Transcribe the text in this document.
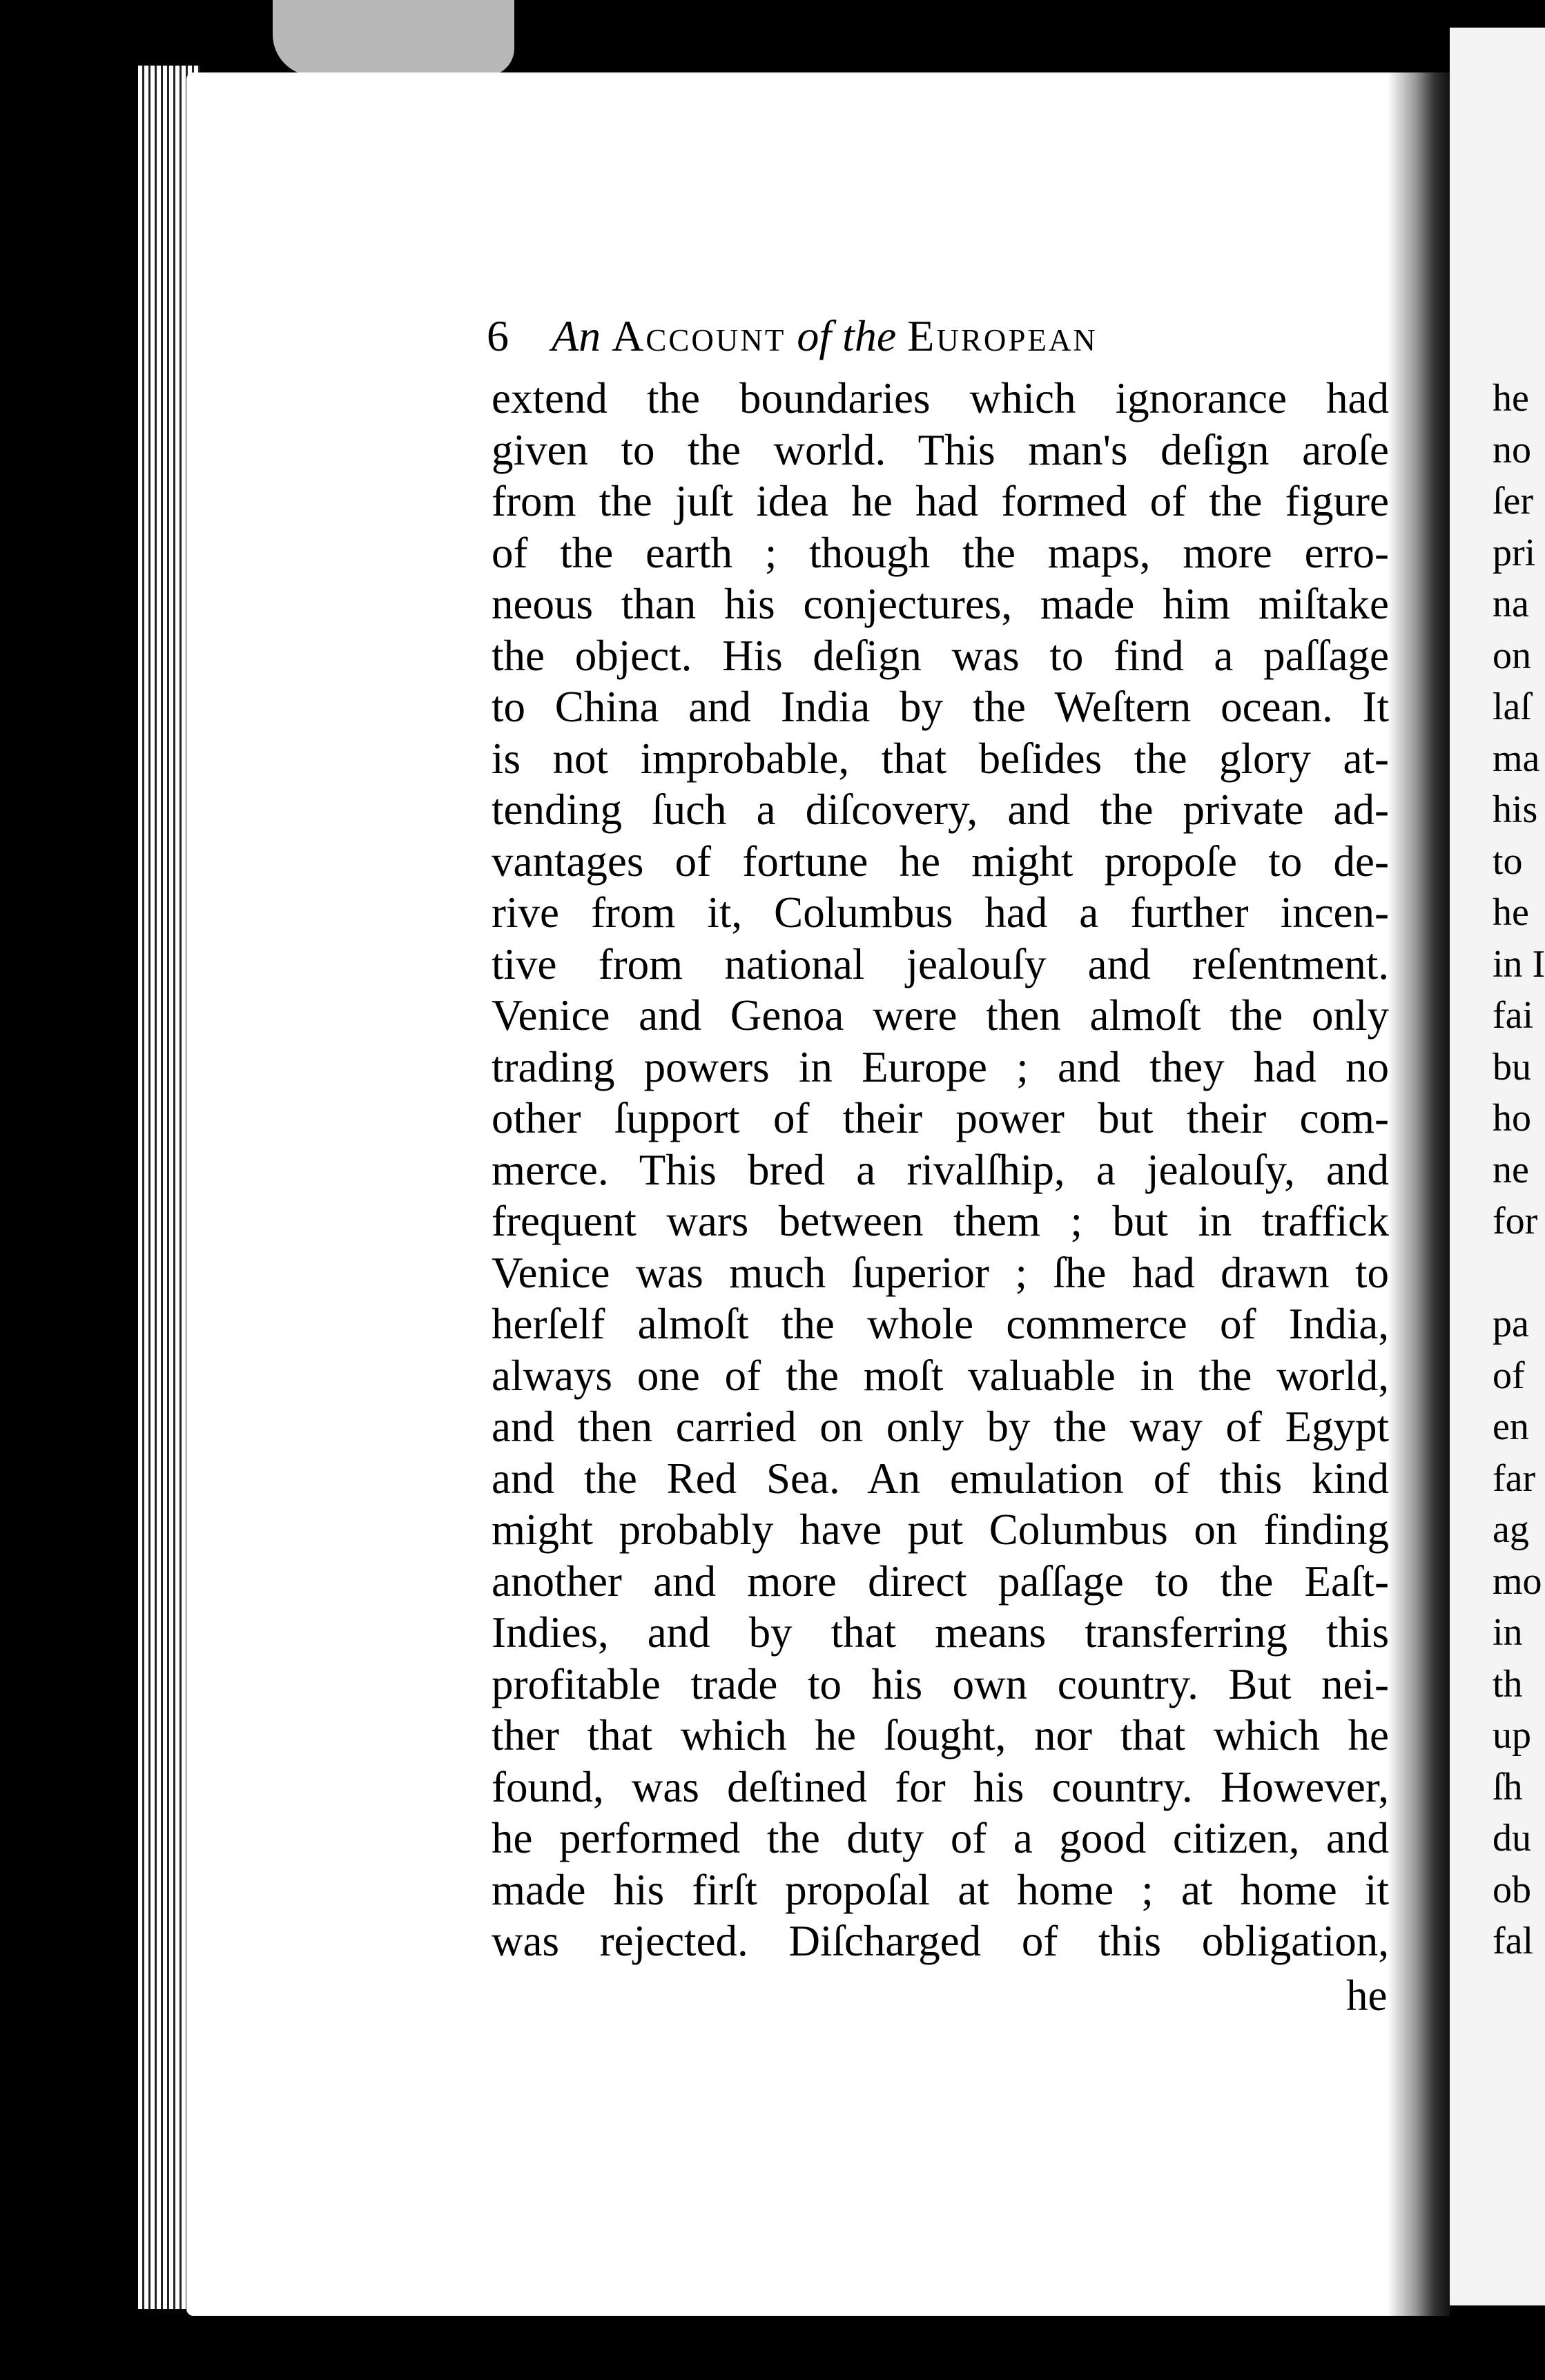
he
no
ſer
pri
na
on
laſ
ma
his
to
he
in I
fai
bu
ho
ne
for
pa
of
en
far
ag
mo
in
th
up
ſh
du
ob
fal
6 An Account of the European
extend the boundaries which ignorance had
given to the world. This man's deſign aroſe
from the juſt idea he had formed of the figure
of the earth ; though the maps, more erro-
neous than his conjectures, made him miſtake
the object. His deſign was to find a paſſage
to China and India by the Weſtern ocean. It
is not improbable, that beſides the glory at-
tending ſuch a diſcovery, and the private ad-
vantages of fortune he might propoſe to de-
rive from it, Columbus had a further incen-
tive from national jealouſy and reſentment.
Venice and Genoa were then almoſt the only
trading powers in Europe ; and they had no
other ſupport of their power but their com-
merce. This bred a rivalſhip, a jealouſy, and
frequent wars between them ; but in traffick
Venice was much ſuperior ; ſhe had drawn to
herſelf almoſt the whole commerce of India,
always one of the moſt valuable in the world,
and then carried on only by the way of Egypt
and the Red Sea. An emulation of this kind
might probably have put Columbus on finding
another and more direct paſſage to the Eaſt-
Indies, and by that means transferring this
profitable trade to his own country. But nei-
ther that which he ſought, nor that which he
found, was deſtined for his country. However,
he performed the duty of a good citizen, and
made his firſt propoſal at home ; at home it
was rejected. Diſcharged of this obligation,
he
